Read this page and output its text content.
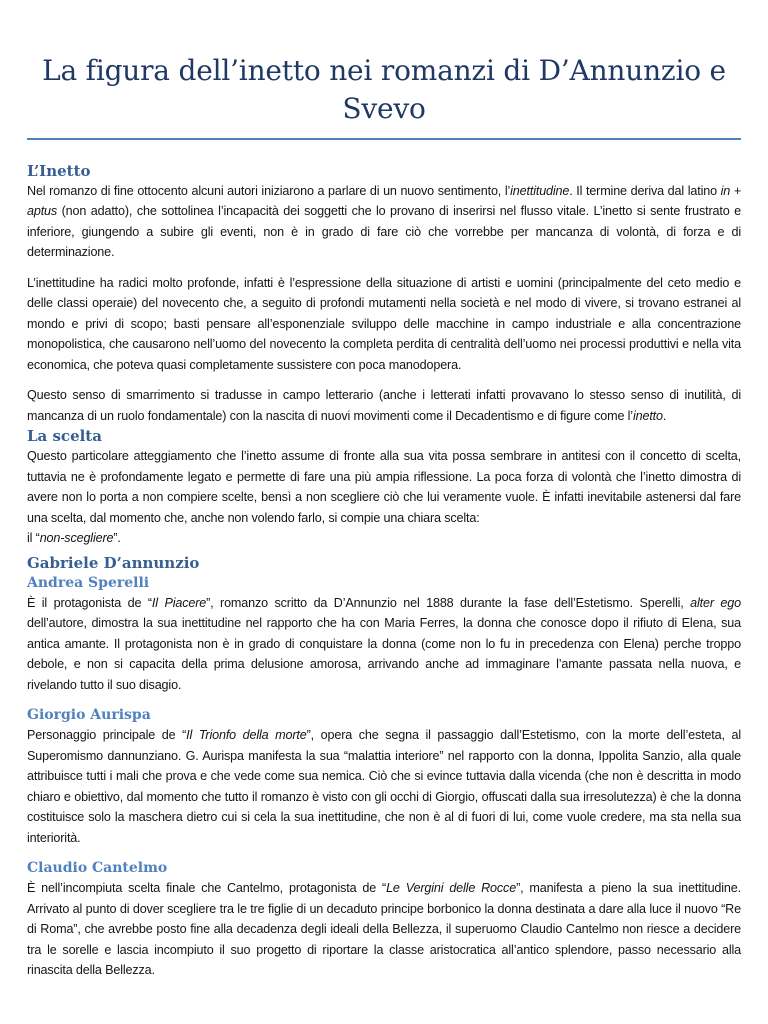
La figura dell’inetto nei romanzi di D’Annunzio e Svevo
L’Inetto

Nel romanzo di fine ottocento alcuni autori iniziarono a parlare di un nuovo sentimento, l’inettitudine. Il termine deriva dal latino in + aptus (non adatto), che sottolinea l’incapacità dei soggetti che lo provano di inserirsi nel flusso vitale. L’inetto si sente frustrato e inferiore, giungendo a subire gli eventi, non è in grado di fare ciò che vorrebbe per mancanza di volontà, di forza e di determinazione.

L’inettitudine ha radici molto profonde, infatti è l’espressione della situazione di artisti e uomini (principalmente del ceto medio e delle classi operaie) del novecento che, a seguito di profondi mutamenti nella società e nel modo di vivere, si trovano estranei al mondo e privi di scopo; basti pensare all’esponenziale sviluppo delle macchine in campo industriale e alla concentrazione monopolistica, che causarono nell’uomo del novecento la completa perdita di centralità dell’uomo nei processi produttivi e nella vita economica, che poteva quasi completamente sussistere con poca manodopera.

Questo senso di smarrimento si tradusse in campo letterario (anche i letterati infatti provavano lo stesso senso di inutilità, di mancanza di un ruolo fondamentale) con la nascita di nuovi movimenti come il Decadentismo e di figure come l’inetto.

La scelta

Questo particolare atteggiamento che l’inetto assume di fronte alla sua vita possa sembrare in antitesi con il concetto di scelta, tuttavia ne è profondamente legato e permette di fare una più ampia riflessione. La poca forza di volontà che l’inetto dimostra di avere non lo porta a non compiere scelte, bensì a non scegliere ciò che lui veramente vuole. È infatti inevitabile astenersi dal fare una scelta, dal momento che, anche non volendo farlo, si compie una chiara scelta:

il “non-scegliere”.

Gabriele D’annunzio
Andrea Sperelli

È il protagonista de “Il Piacere”, romanzo scritto da D’Annunzio nel 1888 durante la fase dell’Estetismo. Sperelli, alter ego dell’autore, dimostra la sua inettitudine nel rapporto che ha con Maria Ferres, la donna che conosce dopo il rifiuto di Elena, sua antica amante. Il protagonista non è in grado di conquistare la donna (come non lo fu in precedenza con Elena) perche troppo debole, e non si capacita della prima delusione amorosa, arrivando anche ad immaginare l’amante passata nella nuova, e rivelando tutto il suo disagio.

Giorgio Aurispa

Personaggio principale de “Il Trionfo della morte”, opera che segna il passaggio dall’Estetismo, con la morte dell’esteta, al Superomismo dannunziano. G. Aurispa manifesta la sua “malattia interiore” nel rapporto con la donna, Ippolita Sanzio, alla quale attribuisce tutti i mali che prova e che vede come sua nemica. Ciò che si evince tuttavia dalla vicenda (che non è descritta in modo chiaro e obiettivo, dal momento che tutto il romanzo è visto con gli occhi di Giorgio, offuscati dalla sua irresolutezza) è che la donna costituisce solo la maschera dietro cui si cela la sua inettitudine, che non è al di fuori di lui, come vuole credere, ma sta nella sua interiorità.

Claudio Cantelmo

È nell’incompiuta scelta finale che Cantelmo, protagonista de “Le Vergini delle Rocce”, manifesta a pieno la sua inettitudine. Arrivato al punto di dover scegliere tra le tre figlie di un decaduto principe borbonico la donna destinata a dare alla luce il nuovo “Re di Roma”, che avrebbe posto fine alla decadenza degli ideali della Bellezza, il superuomo Claudio Cantelmo non riesce a decidere tra le sorelle e lascia incompiuto il suo progetto di riportare la classe aristocratica all’antico splendore, passo necessario alla rinascita della Bellezza.
